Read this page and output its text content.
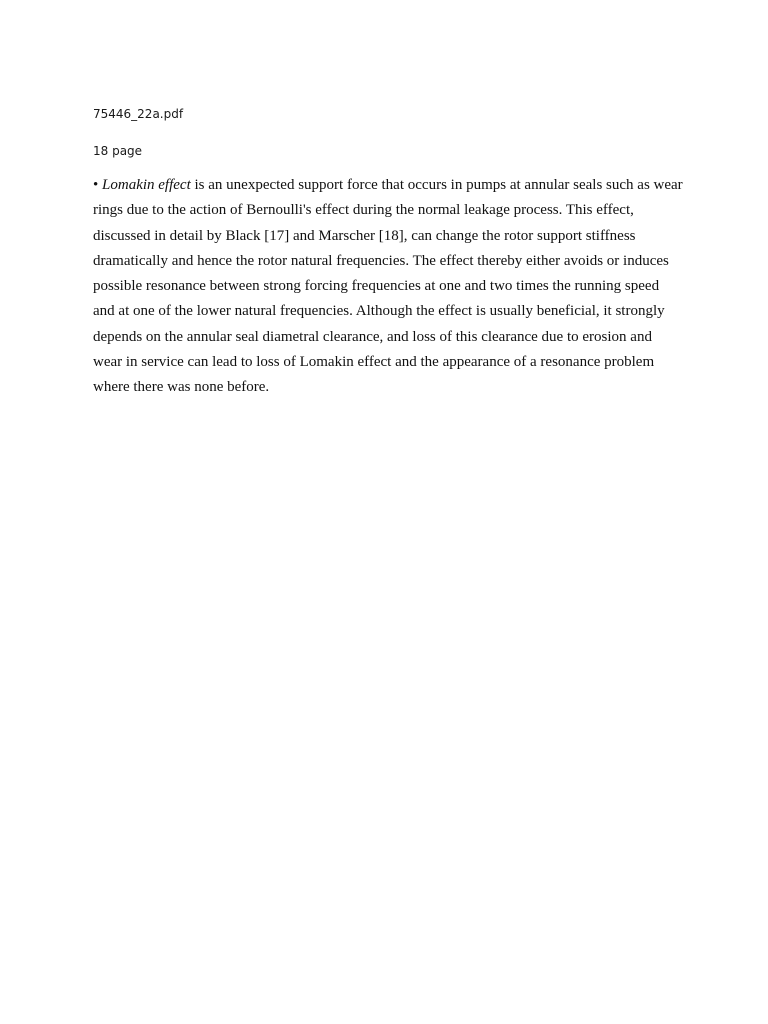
75446_22a.pdf
18 page

• Lomakin effect is an unexpected support force that occurs in pumps at annular seals such as wear rings due to the action of Bernoulli's effect during the normal leakage process. This effect, discussed in detail by Black [17] and Marscher [18], can change the rotor support stiffness dramatically and hence the rotor natural frequencies. The effect thereby either avoids or induces possible resonance between strong forcing frequencies at one and two times the running speed and at one of the lower natural frequencies. Although the effect is usually beneficial, it strongly depends on the annular seal diametral clearance, and loss of this clearance due to erosion and wear in service can lead to loss of Lomakin effect and the appearance of a resonance problem where there was none before.
